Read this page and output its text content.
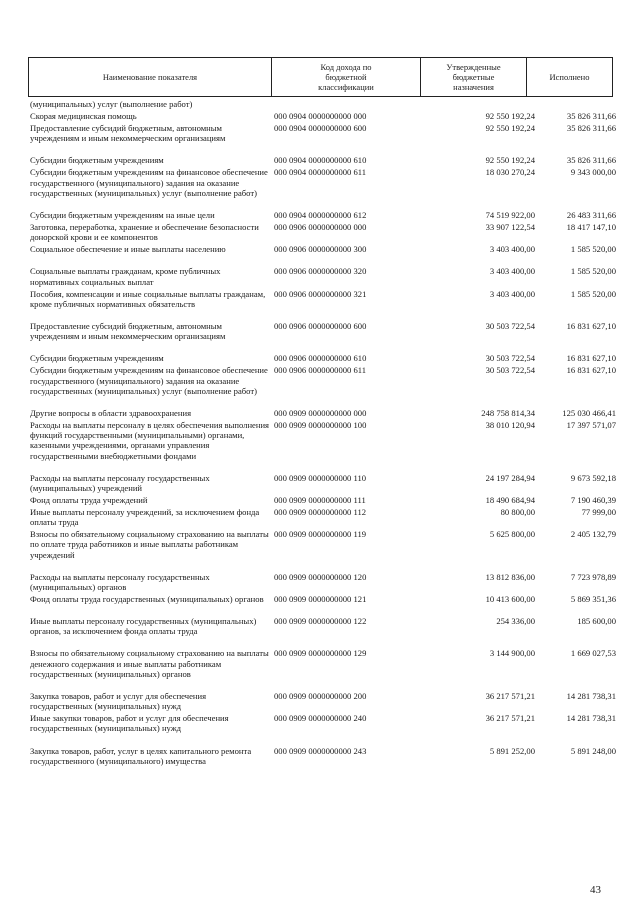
Наименование показателя
Код дохода по
бюджетной
классификации
Утвержденные
бюджетные
назначения
Исполнено
(муниципальных) услуг (выполнение работ)
Скорая медицинская помощь	000 0904 0000000000 000	92 550 192,24	35 826 311,66
Предоставление субсидий бюджетным, автономным учреждениям и иным некоммерческим организациям
000 0904 0000000000 600	92 550 192,24	35 826 311,66
Субсидии бюджетным учреждениям	000 0904 0000000000 610	92 550 192,24	35 826 311,66
Субсидии бюджетным учреждениям на финансовое обеспечение государственного (муниципального) задания на оказание государственных (муниципальных) услуг (выполнение работ)
000 0904 0000000000 611	18 030 270,24	9 343 000,00
Субсидии бюджетным учреждениям на иные цели	000 0904 0000000000 612	74 519 922,00	26 483 311,66
Заготовка, переработка, хранение и обеспечение безопасности донорской крови и ее компонентов
000 0906 0000000000 000	33 907 122,54	18 417 147,10
Социальное обеспечение и иные выплаты населению	000 0906 0000000000 300	3 403 400,00	1 585 520,00
Социальные выплаты гражданам, кроме публичных нормативных социальных выплат
000 0906 0000000000 320	3 403 400,00	1 585 520,00
Пособия, компенсации и иные социальные выплаты гражданам, кроме публичных нормативных обязательств
000 0906 0000000000 321	3 403 400,00	1 585 520,00
Предоставление субсидий бюджетным, автономным учреждениям и иным некоммерческим организациям
000 0906 0000000000 600	30 503 722,54	16 831 627,10
Субсидии бюджетным учреждениям	000 0906 0000000000 610	30 503 722,54	16 831 627,10
Субсидии бюджетным учреждениям на финансовое обеспечение государственного (муниципального) задания на оказание государственных (муниципальных) услуг (выполнение работ)
000 0906 0000000000 611	30 503 722,54	16 831 627,10
Другие вопросы в области здравоохранения	000 0909 0000000000 000	248 758 814,34	125 030 466,41
Расходы на выплаты персоналу в целях обеспечения выполнения функций государственными (муниципальными) органами, казенными учреждениями, органами управления государственными внебюджетными фондами
000 0909 0000000000 100	38 010 120,94	17 397 571,07
Расходы на выплаты персоналу государственных (муниципальных) учреждений
000 0909 0000000000 110	24 197 284,94	9 673 592,18
Фонд оплаты труда учреждений	000 0909 0000000000 111	18 490 684,94	7 190 460,39
Иные выплаты персоналу учреждений, за исключением фонда оплаты труда
000 0909 0000000000 112	80 800,00	77 999,00
Взносы по обязательному социальному страхованию на выплаты по оплате труда работников и иные выплаты работникам учреждений
000 0909 0000000000 119	5 625 800,00	2 405 132,79
Расходы на выплаты персоналу государственных (муниципальных) органов
000 0909 0000000000 120	13 812 836,00	7 723 978,89
Фонд оплаты труда государственных (муниципальных) органов	000 0909 0000000000 121	10 413 600,00	5 869 351,36
Иные выплаты персоналу государственных (муниципальных) органов, за исключением фонда оплаты труда
000 0909 0000000000 122	254 336,00	185 600,00
Взносы по обязательному социальному страхованию на выплаты денежного содержания и иные выплаты работникам государственных (муниципальных) органов
000 0909 0000000000 129	3 144 900,00	1 669 027,53
Закупка товаров, работ и услуг для обеспечения государственных (муниципальных) нужд
000 0909 0000000000 200	36 217 571,21	14 281 738,31
Иные закупки товаров, работ и услуг для обеспечения государственных (муниципальных) нужд
000 0909 0000000000 240	36 217 571,21	14 281 738,31
Закупка товаров, работ, услуг в целях капитального ремонта государственного (муниципального) имущества
000 0909 0000000000 243	5 891 252,00	5 891 248,00
43
